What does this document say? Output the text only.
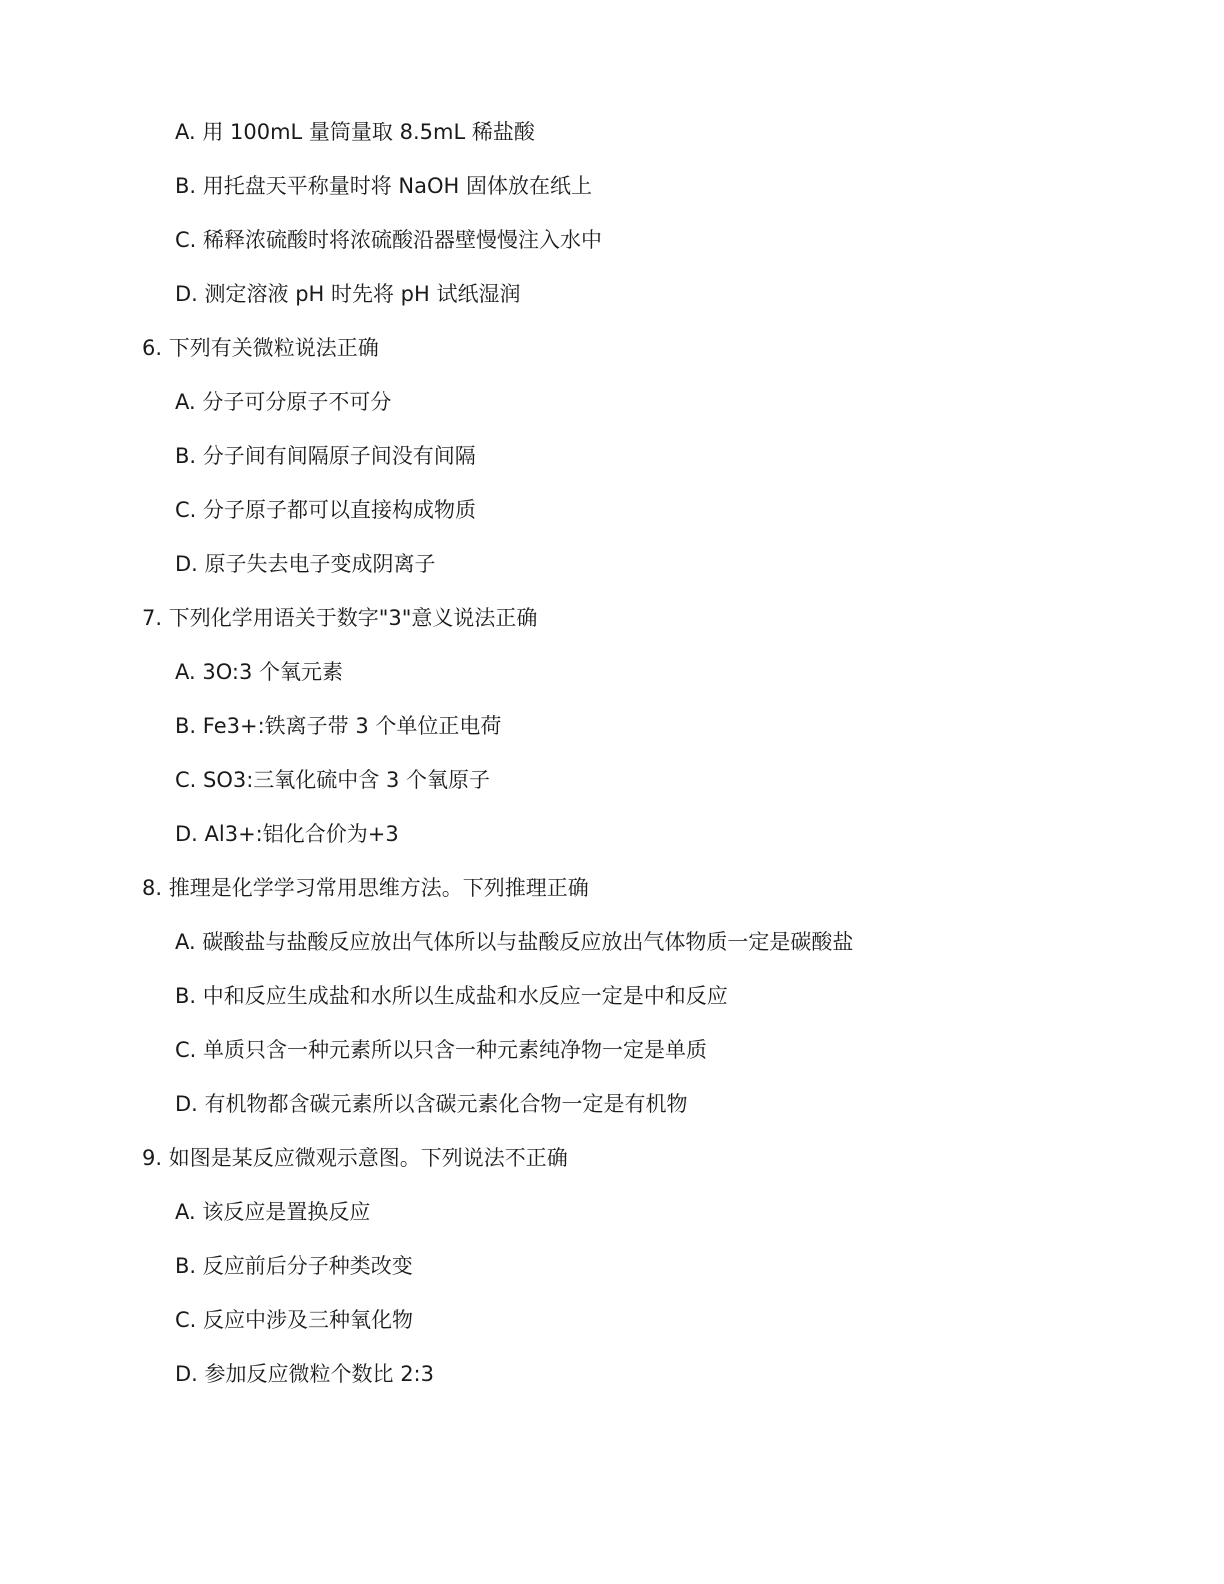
A. 用 100mL 量筒量取 8.5mL 稀盐酸
B. 用托盘天平称量时将 NaOH 固体放在纸上
C. 稀释浓硫酸时将浓硫酸沿器壁慢慢注入水中
D. 测定溶液 pH 时先将 pH 试纸湿润
6. 下列有关微粒说法正确
A. 分子可分原子不可分
B. 分子间有间隔原子间没有间隔
C. 分子原子都可以直接构成物质
D. 原子失去电子变成阴离子
7. 下列化学用语关于数字"3"意义说法正确
A. 3O:3 个氧元素
B. Fe3+:铁离子带 3 个单位正电荷
C. SO3:三氧化硫中含 3 个氧原子
D. Al3+:铝化合价为+3
8. 推理是化学学习常用思维方法。下列推理正确
A. 碳酸盐与盐酸反应放出气体所以与盐酸反应放出气体物质一定是碳酸盐
B. 中和反应生成盐和水所以生成盐和水反应一定是中和反应
C. 单质只含一种元素所以只含一种元素纯净物一定是单质
D. 有机物都含碳元素所以含碳元素化合物一定是有机物
9. 如图是某反应微观示意图。下列说法不正确
A. 该反应是置换反应
B. 反应前后分子种类改变
C. 反应中涉及三种氧化物
D. 参加反应微粒个数比 2:3
